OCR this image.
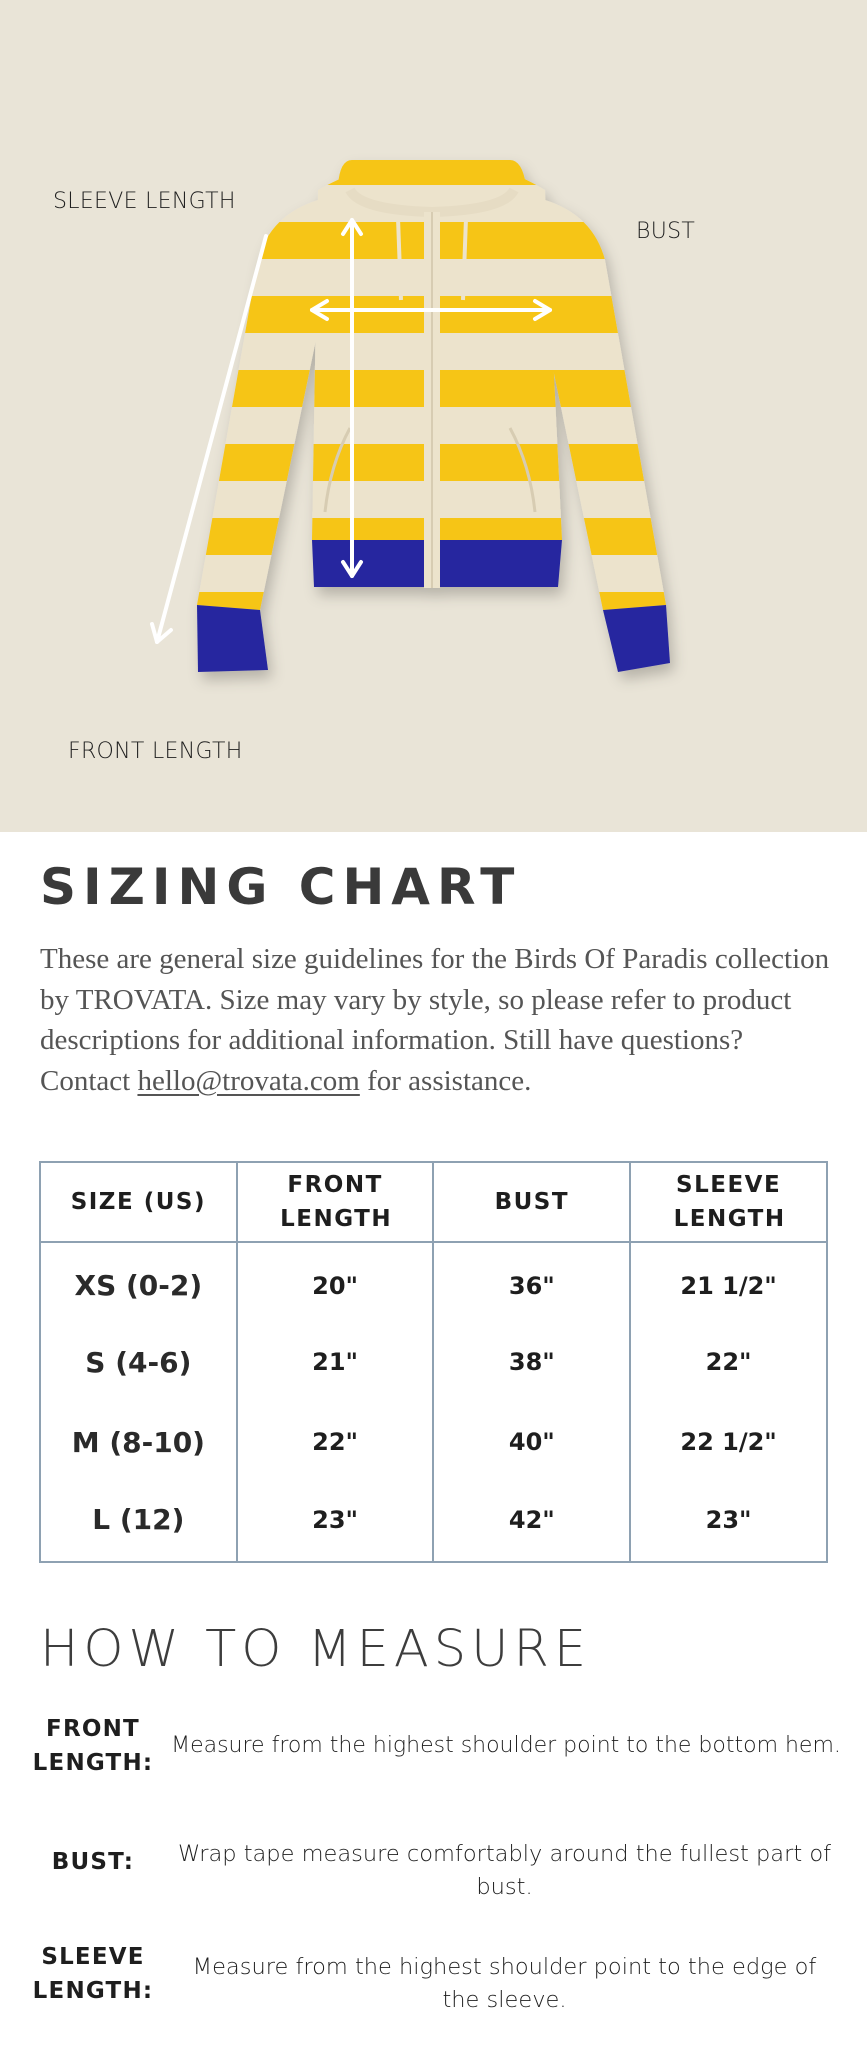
SLEEVE LENGTH
BUST
FRONT LENGTH
SIZING CHART

These are general size guidelines for the Birds Of Paradis collection by TROVATA. Size may vary by style, so please refer to product descriptions for additional information. Still have questions? Contact hello@trovata.com for assistance.

SIZE (US)	FRONT LENGTH	BUST	SLEEVE LENGTH

XS (0-2)	20"	36"	21 1/2"
S (4-6)	21"	38"	22"
M (8-10)	22"	40"	22 1/2"
L (12)	23"	42"	23"
HOW TO MEASURE
FRONT LENGTH:
Measure from the highest shoulder point to the bottom hem.
BUST:	Wrap tape measure comfortably around the fullest part of bust.
SLEEVE LENGTH:
Measure from the highest shoulder point to the edge of the sleeve.
